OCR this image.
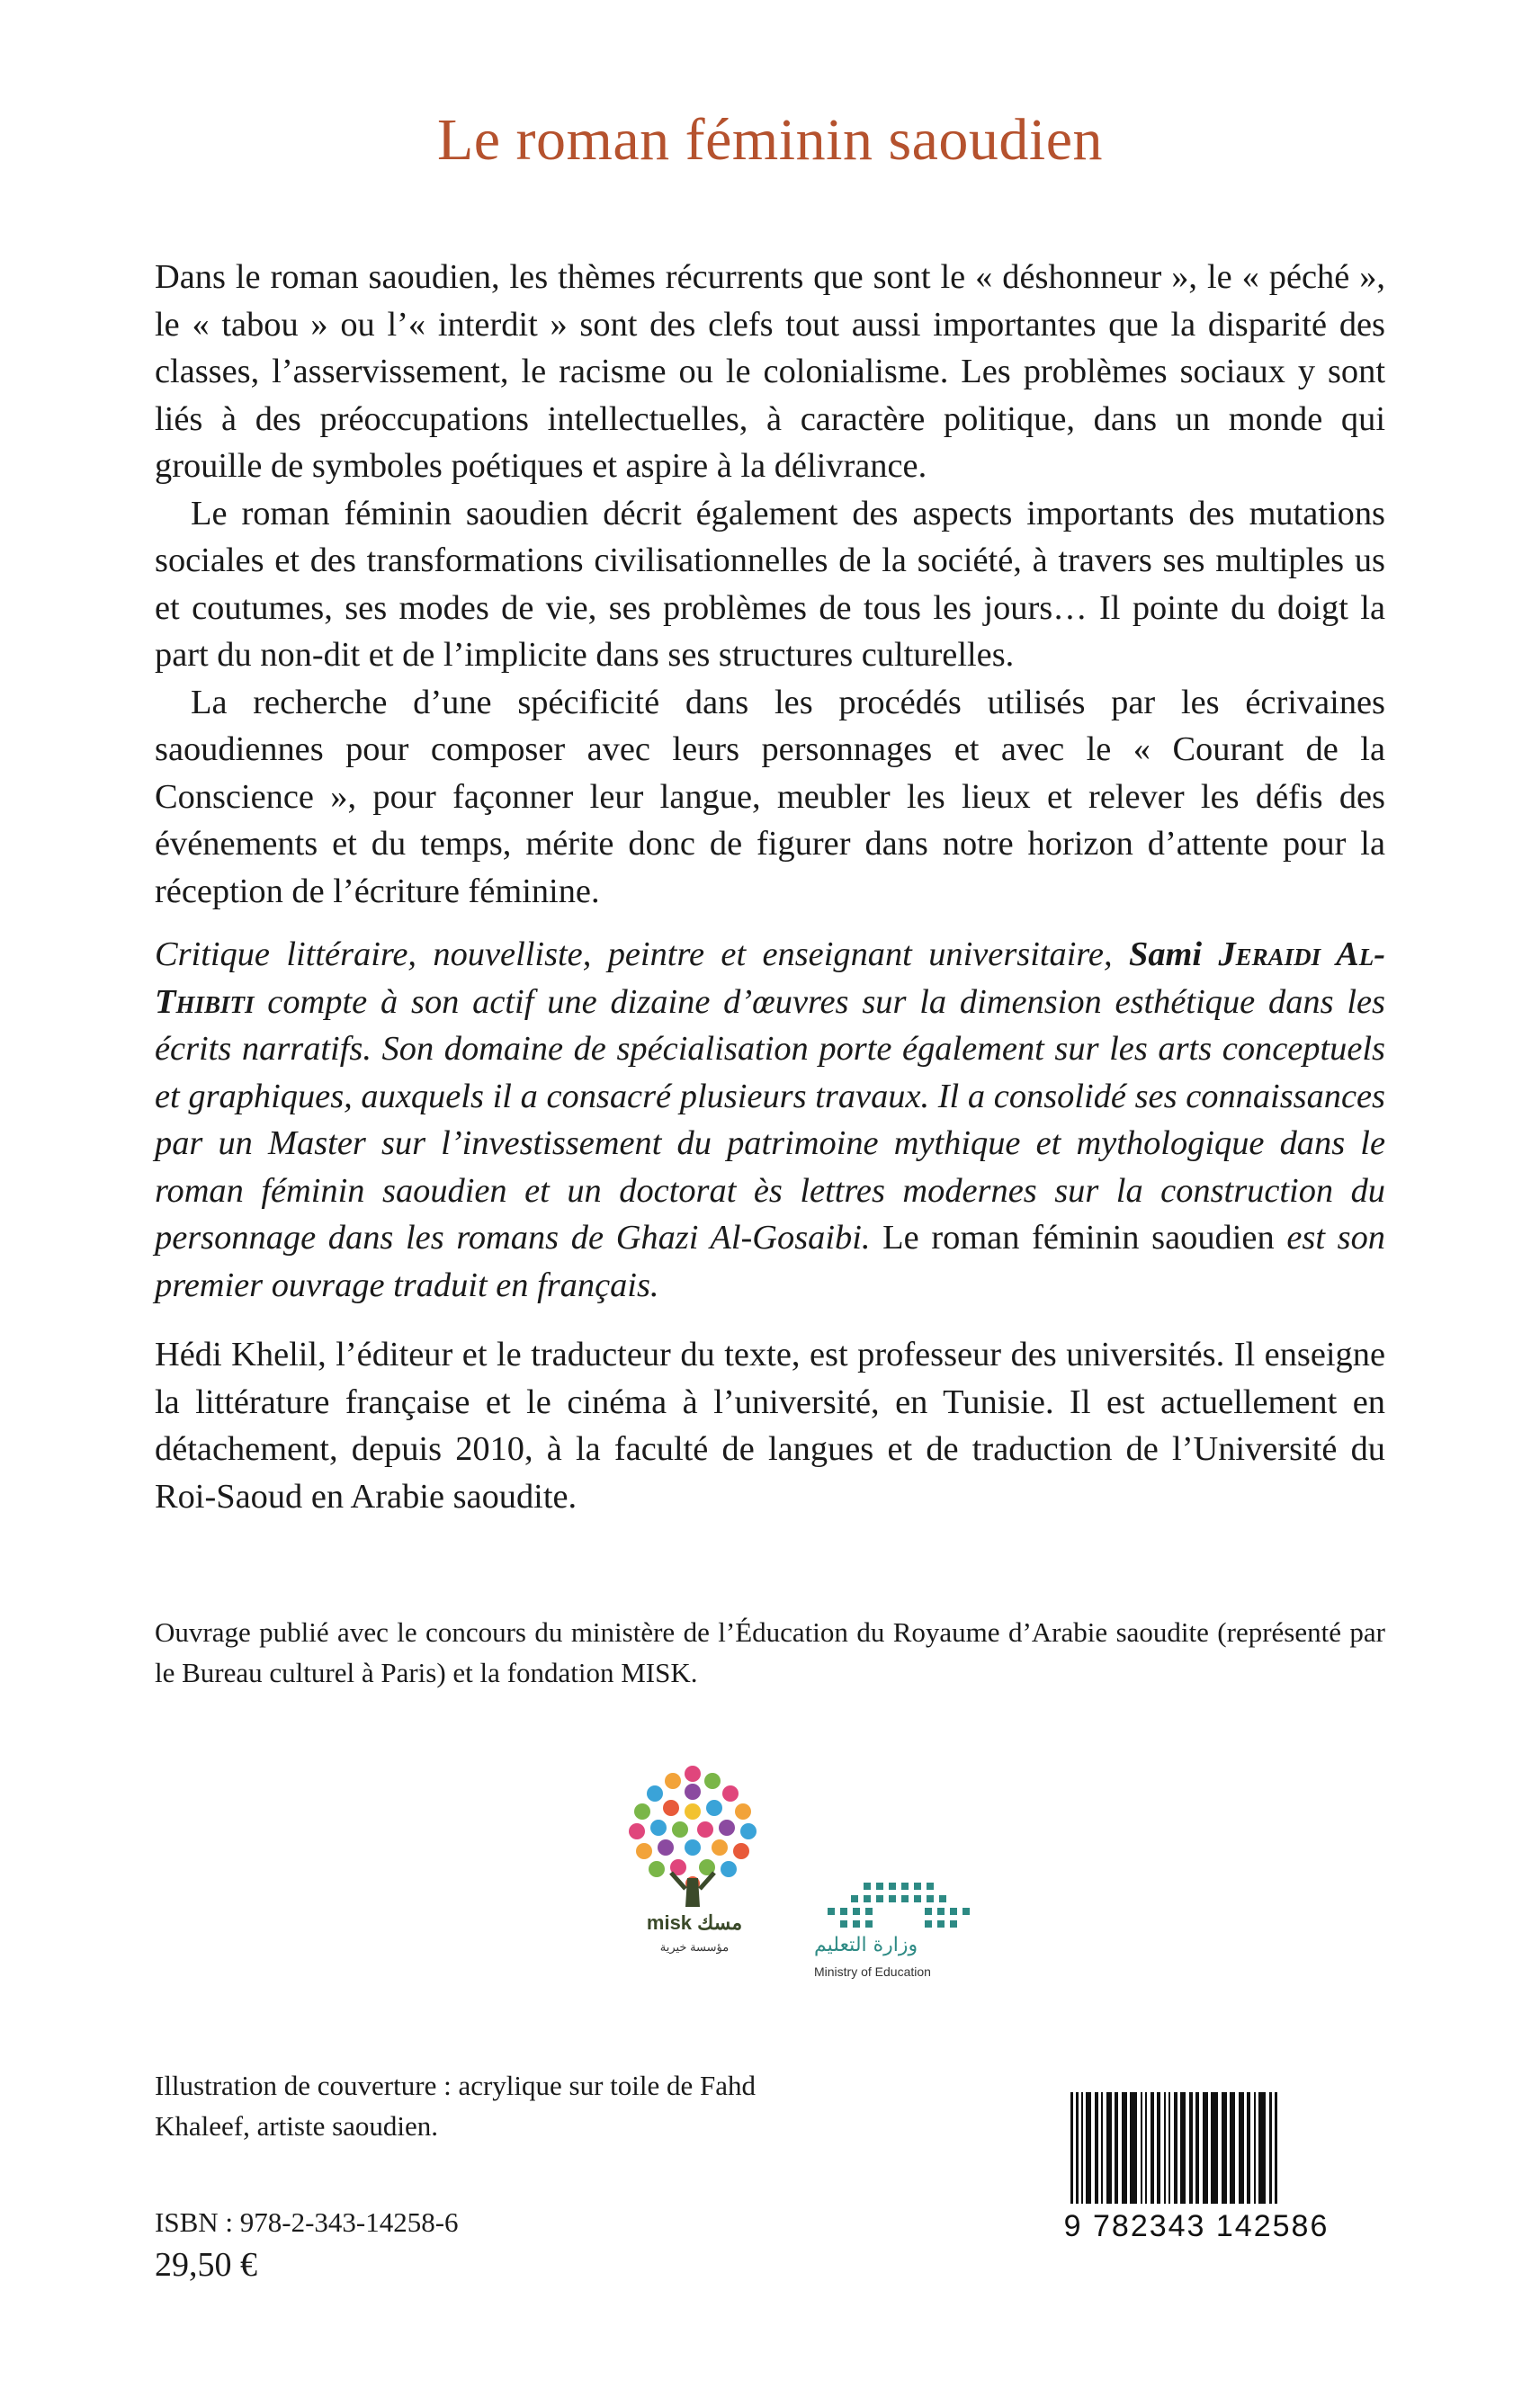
Le roman féminin saoudien

Dans le roman saoudien, les thèmes récurrents que sont le « déshonneur », le « péché », le « tabou » ou l’« interdit » sont des clefs tout aussi importantes que la disparité des classes, l’asservissement, le racisme ou le colonialisme. Les problèmes sociaux y sont liés à des préoccupations intellectuelles, à caractère politique, dans un monde qui grouille de symboles poétiques et aspire à la délivrance.

Le roman féminin saoudien décrit également des aspects importants des mutations sociales et des transformations civilisationnelles de la société, à travers ses multiples us et coutumes, ses modes de vie, ses problèmes de tous les jours… Il pointe du doigt la part du non-dit et de l’implicite dans ses structures culturelles.

La recherche d’une spécificité dans les procédés utilisés par les écrivaines saoudiennes pour composer avec leurs personnages et avec le « Courant de la Conscience », pour façonner leur langue, meubler les lieux et relever les défis des événements et du temps, mérite donc de figurer dans notre horizon d’attente pour la réception de l’écriture féminine.

Critique littéraire, nouvelliste, peintre et enseignant universitaire, Sami Jeraidi Al-Thibiti compte à son actif une dizaine d’œuvres sur la dimension esthétique dans les écrits narratifs. Son domaine de spécialisation porte également sur les arts conceptuels et graphiques, auxquels il a consacré plusieurs travaux. Il a consolidé ses connaissances par un Master sur l’investissement du patrimoine mythique et mythologique dans le roman féminin saoudien et un doctorat ès lettres modernes sur la construction du personnage dans les romans de Ghazi Al-Gosaibi. Le roman féminin saoudien est son premier ouvrage traduit en français.

Hédi Khelil, l’éditeur et le traducteur du texte, est professeur des universités. Il enseigne la littérature française et le cinéma à l’université, en Tunisie. Il est actuellement en détachement, depuis 2010, à la faculté de langues et de traduction de l’Université du Roi-Saoud en Arabie saoudite.

Ouvrage publié avec le concours du ministère de l’Éducation du Royaume d’Arabie saoudite (représenté par le Bureau culturel à Paris) et la fondation MISK.
misk مسك
مؤسسة خيرية	وزارة التعليم
Ministry of Education
Illustration de couverture : acrylique sur toile de Fahd Khaleef, artiste saoudien.
ISBN : 978-2-343-14258-6
29,50 €
9 782343 142586
